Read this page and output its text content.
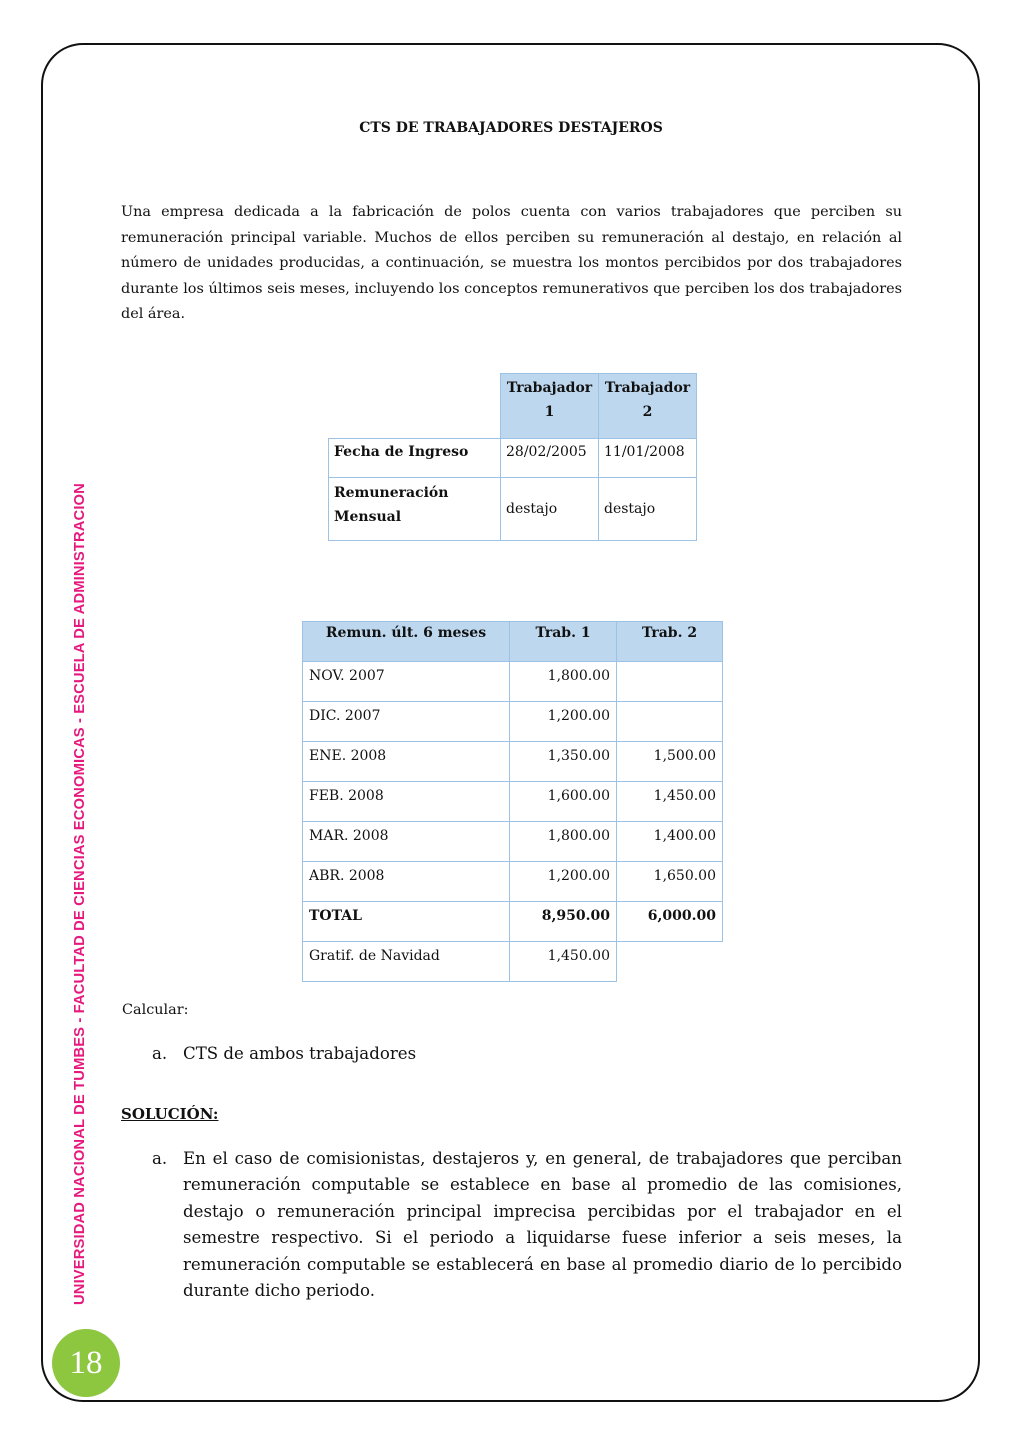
UNIVERSIDAD NACIONAL DE TUMBES - FACULTAD DE CIENCIAS ECONOMICAS - ESCUELA DE ADMINISTRACION
18
CTS DE TRABAJADORES DESTAJEROS

Una empresa dedicada a la fabricación de polos cuenta con varios trabajadores que perciben su remuneración principal variable. Muchos de ellos perciben su remuneración al destajo, en relación al número de unidades producidas, a continuación, se muestra los montos percibidos por dos trabajadores durante los últimos seis meses, incluyendo los conceptos remunerativos que perciben los dos trabajadores del área.

	Trabajador 1	Trabajador 2
Fecha de Ingreso	28/02/2005	11/01/2008
Remuneración Mensual	destajo	destajo
Remun. últ. 6 meses	Trab. 1	Trab. 2
NOV. 2007	1,800.00	
DIC. 2007	1,200.00	
ENE. 2008	1,350.00	1,500.00
FEB. 2008	1,600.00	1,450.00
MAR. 2008	1,800.00	1,400.00
ABR. 2008	1,200.00	1,650.00
TOTAL	8,950.00	6,000.00
Gratif. de Navidad	1,450.00	
Calcular:
a. CTS de ambos trabajadores
SOLUCIÓN:
a. En el caso de comisionistas, destajeros y, en general, de trabajadores que perciban remuneración computable se establece en base al promedio de las comisiones, destajo o remuneración principal imprecisa percibidas por el trabajador en el semestre respectivo. Si el periodo a liquidarse fuese inferior a seis meses, la remuneración computable se establecerá en base al promedio diario de lo percibido durante dicho periodo.
